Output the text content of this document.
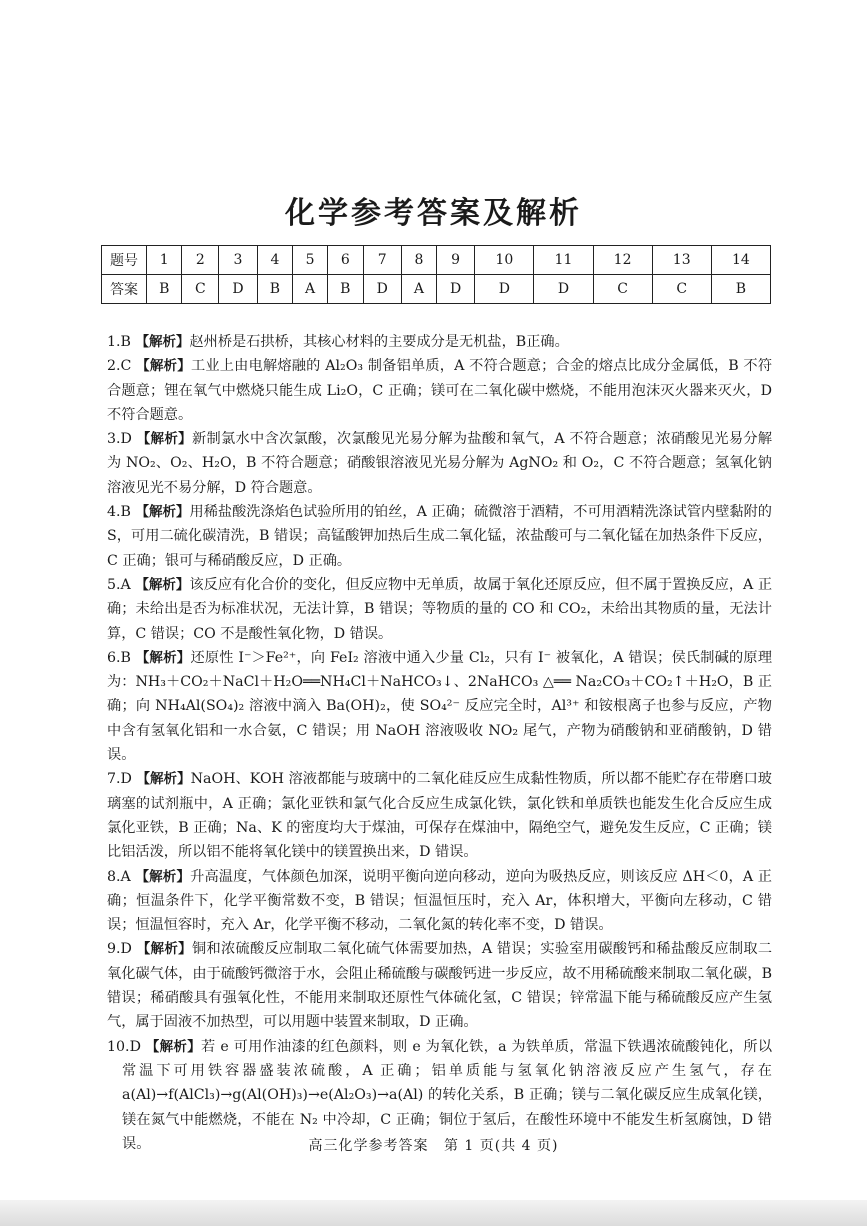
化学参考答案及解析
题号	1	2	3	4	5	6	7	8	9	10	11	12	13	14
答案	B	C	D	B	A	B	D	A	D	D	D	C	C	B

1.B 【解析】赵州桥是石拱桥，其核心材料的主要成分是无机盐，B正确。

2.C 【解析】工业上由电解熔融的 Al₂O₃ 制备铝单质，A 不符合题意；合金的熔点比成分金属低，B 不符合题意；锂在氧气中燃烧只能生成 Li₂O，C 正确；镁可在二氧化碳中燃烧，不能用泡沫灭火器来灭火，D 不符合题意。

3.D 【解析】新制氯水中含次氯酸，次氯酸见光易分解为盐酸和氧气，A 不符合题意；浓硝酸见光易分解为 NO₂、O₂、H₂O，B 不符合题意；硝酸银溶液见光易分解为 AgNO₂ 和 O₂，C 不符合题意；氢氧化钠溶液见光不易分解，D 符合题意。

4.B 【解析】用稀盐酸洗涤焰色试验所用的铂丝，A 正确；硫微溶于酒精，不可用酒精洗涤试管内壁黏附的 S，可用二硫化碳清洗，B 错误；高锰酸钾加热后生成二氧化锰，浓盐酸可与二氧化锰在加热条件下反应，C 正确；银可与稀硝酸反应，D 正确。

5.A 【解析】该反应有化合价的变化，但反应物中无单质，故属于氧化还原反应，但不属于置换反应，A 正确；未给出是否为标准状况，无法计算，B 错误；等物质的量的 CO 和 CO₂，未给出其物质的量，无法计算，C 错误；CO 不是酸性氧化物，D 错误。

6.B 【解析】还原性 I⁻＞Fe²⁺，向 FeI₂ 溶液中通入少量 Cl₂，只有 I⁻ 被氧化，A 错误；侯氏制碱的原理为：NH₃＋CO₂＋NaCl＋H₂O══NH₄Cl＋NaHCO₃↓、2NaHCO₃ △══ Na₂CO₃＋CO₂↑＋H₂O，B 正确；向 NH₄Al(SO₄)₂ 溶液中滴入 Ba(OH)₂，使 SO₄²⁻ 反应完全时，Al³⁺ 和铵根离子也参与反应，产物中含有氢氧化铝和一水合氨，C 错误；用 NaOH 溶液吸收 NO₂ 尾气，产物为硝酸钠和亚硝酸钠，D 错误。

7.D 【解析】NaOH、KOH 溶液都能与玻璃中的二氧化硅反应生成黏性物质，所以都不能贮存在带磨口玻璃塞的试剂瓶中，A 正确；氯化亚铁和氯气化合反应生成氯化铁，氯化铁和单质铁也能发生化合反应生成氯化亚铁，B 正确；Na、K 的密度均大于煤油，可保存在煤油中，隔绝空气，避免发生反应，C 正确；镁比铝活泼，所以铝不能将氧化镁中的镁置换出来，D 错误。

8.A 【解析】升高温度，气体颜色加深，说明平衡向逆向移动，逆向为吸热反应，则该反应 ΔH＜0，A 正确；恒温条件下，化学平衡常数不变，B 错误；恒温恒压时，充入 Ar，体积增大，平衡向左移动，C 错误；恒温恒容时，充入 Ar，化学平衡不移动，二氧化氮的转化率不变，D 错误。

9.D 【解析】铜和浓硫酸反应制取二氧化硫气体需要加热，A 错误；实验室用碳酸钙和稀盐酸反应制取二氧化碳气体，由于硫酸钙微溶于水，会阻止稀硫酸与碳酸钙进一步反应，故不用稀硫酸来制取二氧化碳，B 错误；稀硝酸具有强氧化性，不能用来制取还原性气体硫化氢，C 错误；锌常温下能与稀硫酸反应产生氢气，属于固液不加热型，可以用题中装置来制取，D 正确。

10.D 【解析】若 e 可用作油漆的红色颜料，则 e 为氧化铁，a 为铁单质，常温下铁遇浓硫酸钝化，所以常温下可用铁容器盛装浓硫酸，A 正确；铝单质能与氢氧化钠溶液反应产生氢气，存在 a(Al)→f(AlCl₃)→g(Al(OH)₃)→e(Al₂O₃)→a(Al) 的转化关系，B 正确；镁与二氧化碳反应生成氧化镁，镁在氮气中能燃烧，不能在 N₂ 中冷却，C 正确；铜位于氢后，在酸性环境中不能发生析氢腐蚀，D 错误。	高三化学参考答案 第 1 页(共 4 页)
